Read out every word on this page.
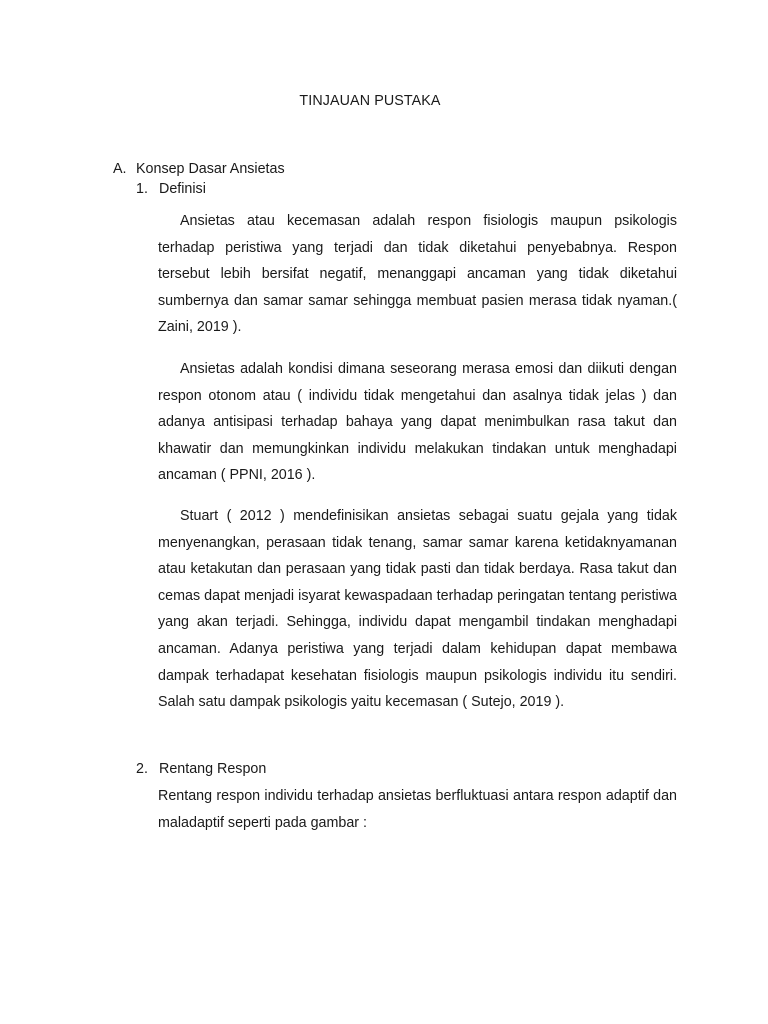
TINJAUAN PUSTAKA
A. Konsep Dasar Ansietas
1. Definisi

Ansietas atau kecemasan adalah respon fisiologis maupun psikologis terhadap peristiwa yang terjadi dan tidak diketahui penyebabnya. Respon tersebut lebih bersifat negatif, menanggapi ancaman yang tidak diketahui sumbernya dan samar samar sehingga membuat pasien merasa tidak nyaman.( Zaini, 2019 ).

Ansietas adalah kondisi dimana seseorang merasa emosi dan diikuti dengan respon otonom atau ( individu tidak mengetahui dan asalnya tidak jelas ) dan adanya antisipasi terhadap bahaya yang dapat menimbulkan rasa takut dan khawatir dan memungkinkan individu melakukan tindakan untuk menghadapi ancaman ( PPNI, 2016 ).

Stuart ( 2012 ) mendefinisikan ansietas sebagai suatu gejala yang tidak menyenangkan, perasaan tidak tenang, samar samar karena ketidaknyamanan atau ketakutan dan perasaan yang tidak pasti dan tidak berdaya. Rasa takut dan cemas dapat menjadi isyarat kewaspadaan terhadap peringatan tentang peristiwa yang akan terjadi. Sehingga, individu dapat mengambil tindakan menghadapi ancaman. Adanya peristiwa yang terjadi dalam kehidupan dapat membawa dampak terhadapat kesehatan fisiologis maupun psikologis individu itu sendiri. Salah satu dampak psikologis yaitu kecemasan ( Sutejo, 2019 ).

2. Rentang Respon

Rentang respon individu terhadap ansietas berfluktuasi antara respon adaptif dan maladaptif seperti pada gambar :
